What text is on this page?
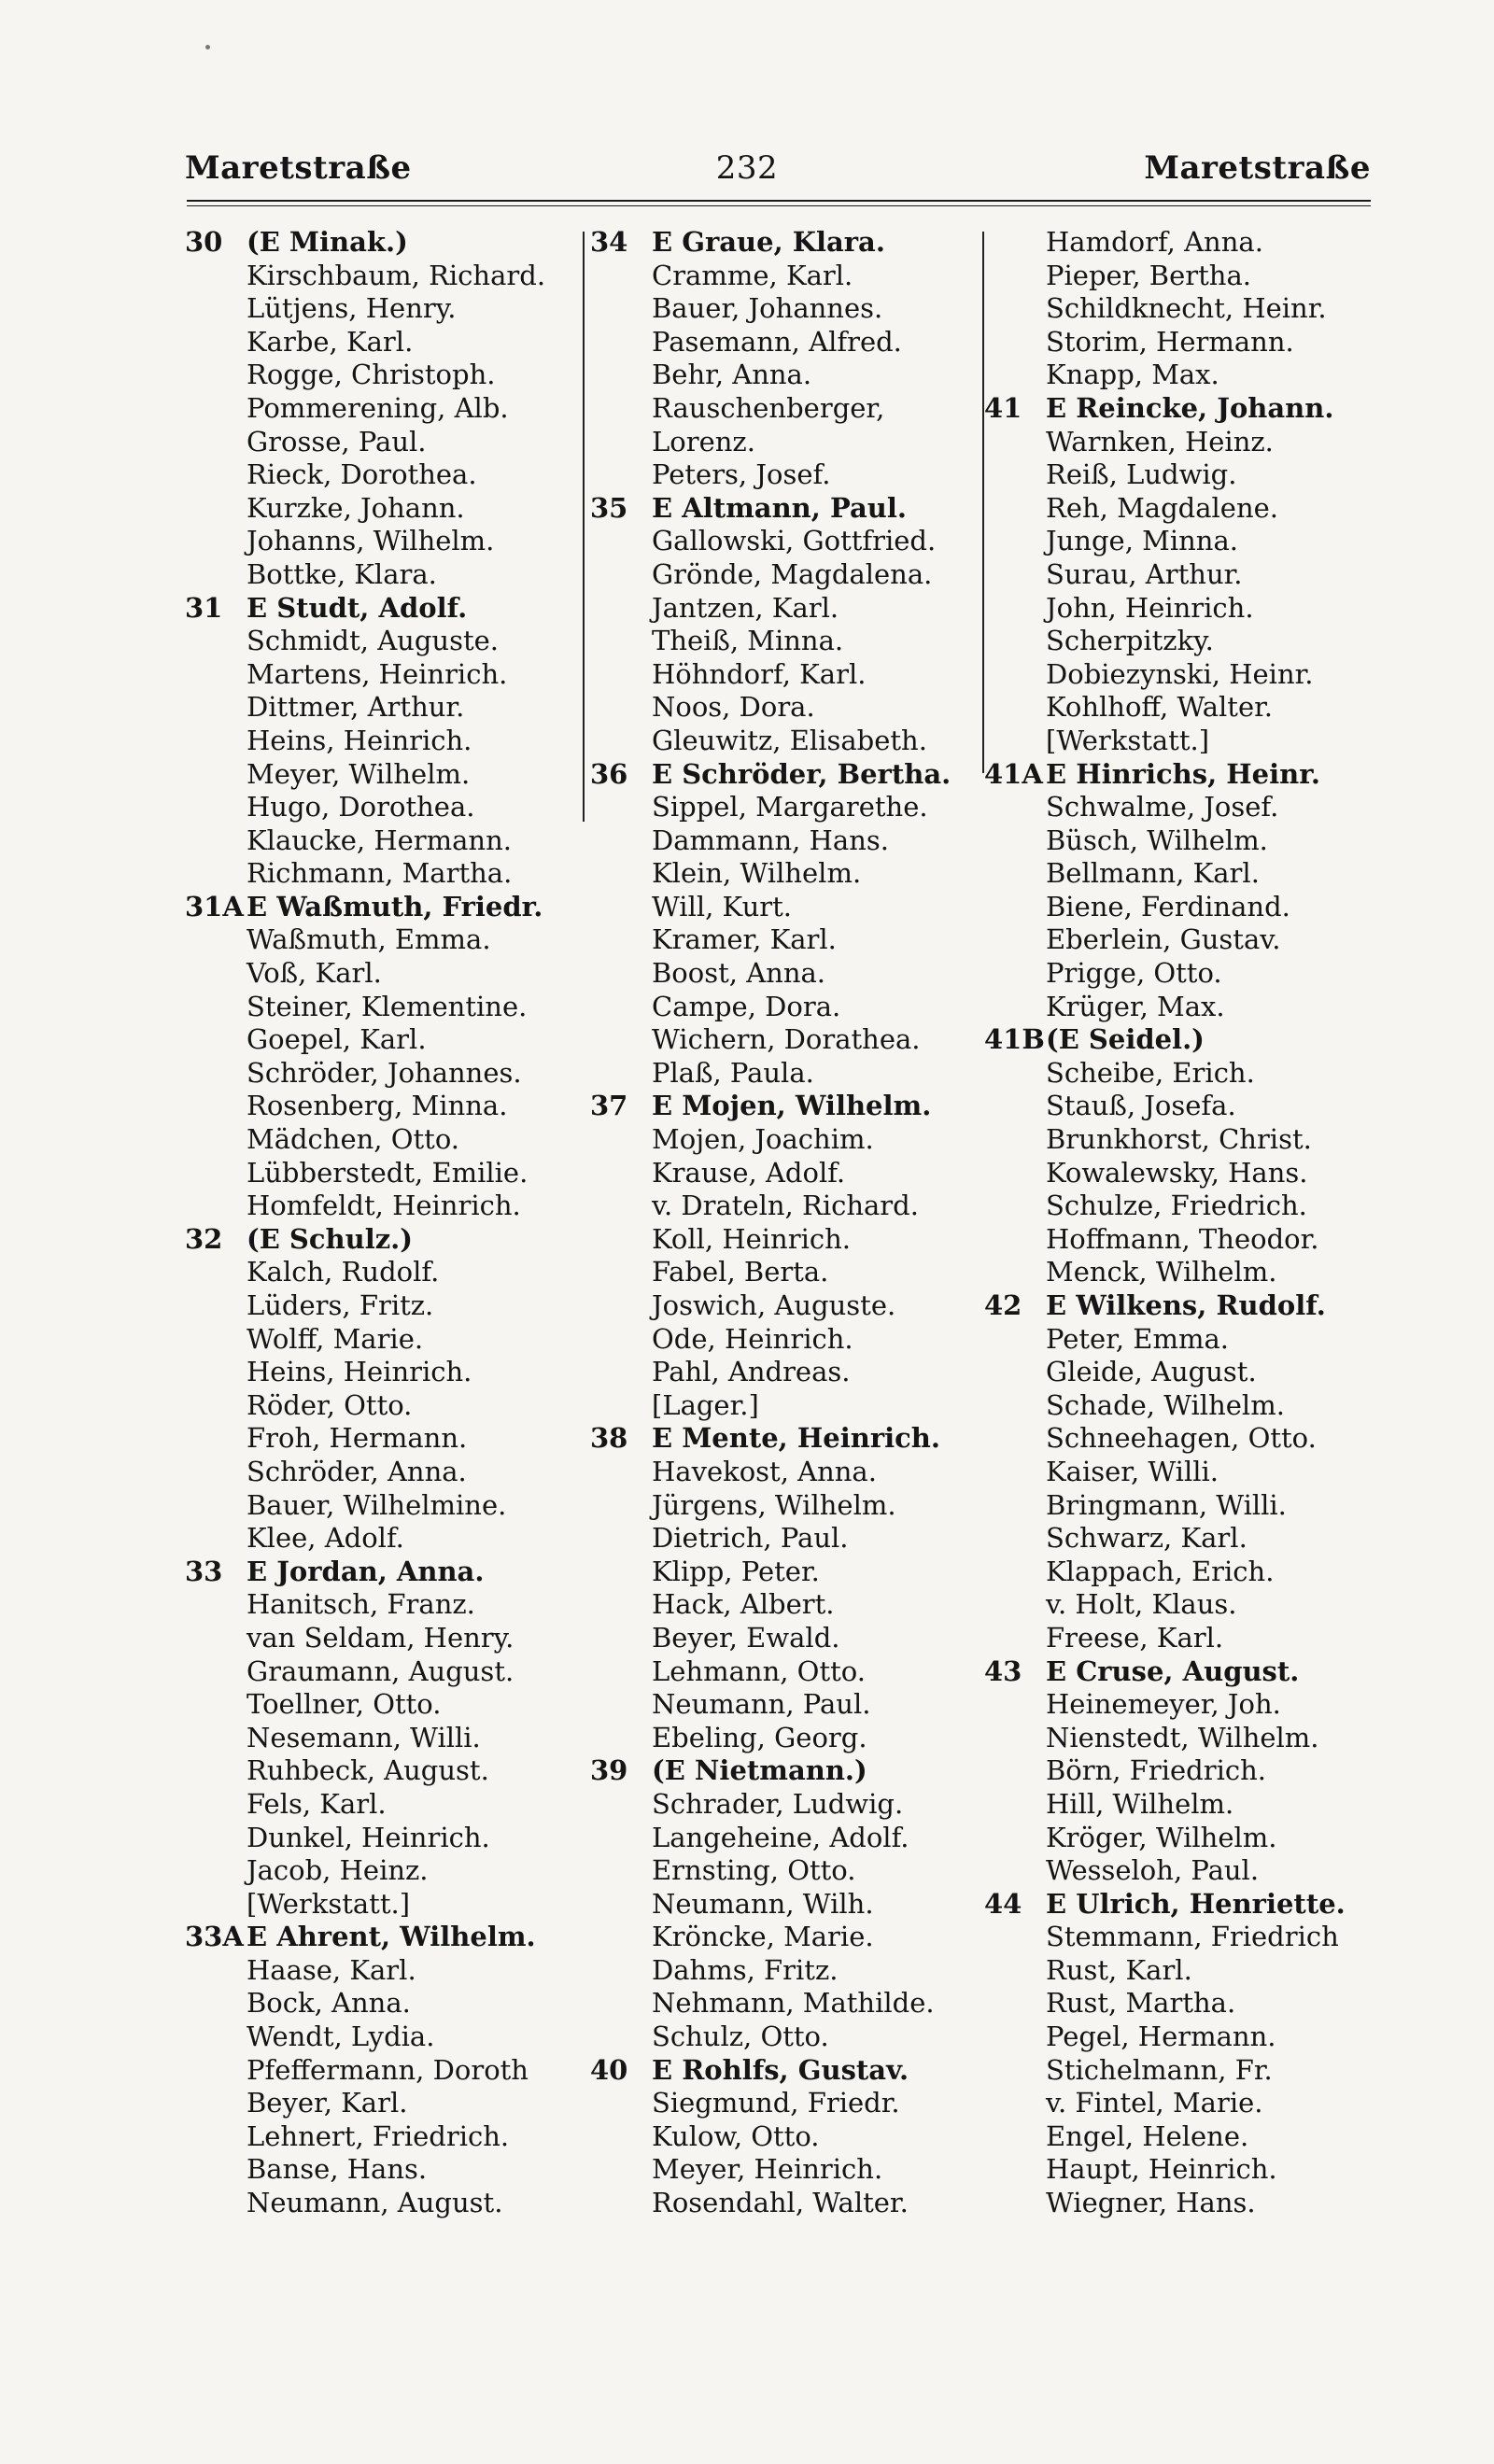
Maretstraße	232	Maretstraße
30 (E Minak.)
Kirschbaum, Richard.
Lütjens, Henry.
Karbe, Karl.
Rogge, Christoph.
Pommerening, Alb.
Grosse, Paul.
Rieck, Dorothea.
Kurzke, Johann.
Johanns, Wilhelm.
Bottke, Klara.
31 E Studt, Adolf.
Schmidt, Auguste.
Martens, Heinrich.
Dittmer, Arthur.
Heins, Heinrich.
Meyer, Wilhelm.
Hugo, Dorothea.
Klaucke, Hermann.
Richmann, Martha.
31A E Waßmuth, Friedr.
Waßmuth, Emma.
Voß, Karl.
Steiner, Klementine.
Goepel, Karl.
Schröder, Johannes.
Rosenberg, Minna.
Mädchen, Otto.
Lübberstedt, Emilie.
Homfeldt, Heinrich.
32 (E Schulz.)
Kalch, Rudolf.
Lüders, Fritz.
Wolff, Marie.
Heins, Heinrich.
Röder, Otto.
Froh, Hermann.
Schröder, Anna.
Bauer, Wilhelmine.
Klee, Adolf.
33 E Jordan, Anna.
Hanitsch, Franz.
van Seldam, Henry.
Graumann, August.
Toellner, Otto.
Nesemann, Willi.
Ruhbeck, August.
Fels, Karl.
Dunkel, Heinrich.
Jacob, Heinz.
[Werkstatt.]
33A E Ahrent, Wilhelm.
Haase, Karl.
Bock, Anna.
Wendt, Lydia.
Pfeffermann, Doroth
Beyer, Karl.
Lehnert, Friedrich.
Banse, Hans.
Neumann, August.
34 E Graue, Klara.
Cramme, Karl.
Bauer, Johannes.
Pasemann, Alfred.
Behr, Anna.
Rauschenberger,
Lorenz.
Peters, Josef.
35 E Altmann, Paul.
Gallowski, Gottfried.
Grönde, Magdalena.
Jantzen, Karl.
Theiß, Minna.
Höhndorf, Karl.
Noos, Dora.
Gleuwitz, Elisabeth.
36 E Schröder, Bertha.
Sippel, Margarethe.
Dammann, Hans.
Klein, Wilhelm.
Will, Kurt.
Kramer, Karl.
Boost, Anna.
Campe, Dora.
Wichern, Dorathea.
Plaß, Paula.
37 E Mojen, Wilhelm.
Mojen, Joachim.
Krause, Adolf.
v. Drateln, Richard.
Koll, Heinrich.
Fabel, Berta.
Joswich, Auguste.
Ode, Heinrich.
Pahl, Andreas.
[Lager.]
38 E Mente, Heinrich.
Havekost, Anna.
Jürgens, Wilhelm.
Dietrich, Paul.
Klipp, Peter.
Hack, Albert.
Beyer, Ewald.
Lehmann, Otto.
Neumann, Paul.
Ebeling, Georg.
39 (E Nietmann.)
Schrader, Ludwig.
Langeheine, Adolf.
Ernsting, Otto.
Neumann, Wilh.
Kröncke, Marie.
Dahms, Fritz.
Nehmann, Mathilde.
Schulz, Otto.
40 E Rohlfs, Gustav.
Siegmund, Friedr.
Kulow, Otto.
Meyer, Heinrich.
Rosendahl, Walter.
Hamdorf, Anna.
Pieper, Bertha.
Schildknecht, Heinr.
Storim, Hermann.
Knapp, Max.
41 E Reincke, Johann.
Warnken, Heinz.
Reiß, Ludwig.
Reh, Magdalene.
Junge, Minna.
Surau, Arthur.
John, Heinrich.
Scherpitzky.
Dobiezynski, Heinr.
Kohlhoff, Walter.
[Werkstatt.]
41A E Hinrichs, Heinr.
Schwalme, Josef.
Büsch, Wilhelm.
Bellmann, Karl.
Biene, Ferdinand.
Eberlein, Gustav.
Prigge, Otto.
Krüger, Max.
41B(E Seidel.)
Scheibe, Erich.
Stauß, Josefa.
Brunkhorst, Christ.
Kowalewsky, Hans.
Schulze, Friedrich.
Hoffmann, Theodor.
Menck, Wilhelm.
42 E Wilkens, Rudolf.
Peter, Emma.
Gleide, August.
Schade, Wilhelm.
Schneehagen, Otto.
Kaiser, Willi.
Bringmann, Willi.
Schwarz, Karl.
Klappach, Erich.
v. Holt, Klaus.
Freese, Karl.
43 E Cruse, August.
Heinemeyer, Joh.
Nienstedt, Wilhelm.
Börn, Friedrich.
Hill, Wilhelm.
Kröger, Wilhelm.
Wesseloh, Paul.
44 E Ulrich, Henriette.
Stemmann, Friedrich
Rust, Karl.
Rust, Martha.
Pegel, Hermann.
Stichelmann, Fr.
v. Fintel, Marie.
Engel, Helene.
Haupt, Heinrich.
Wiegner, Hans.
